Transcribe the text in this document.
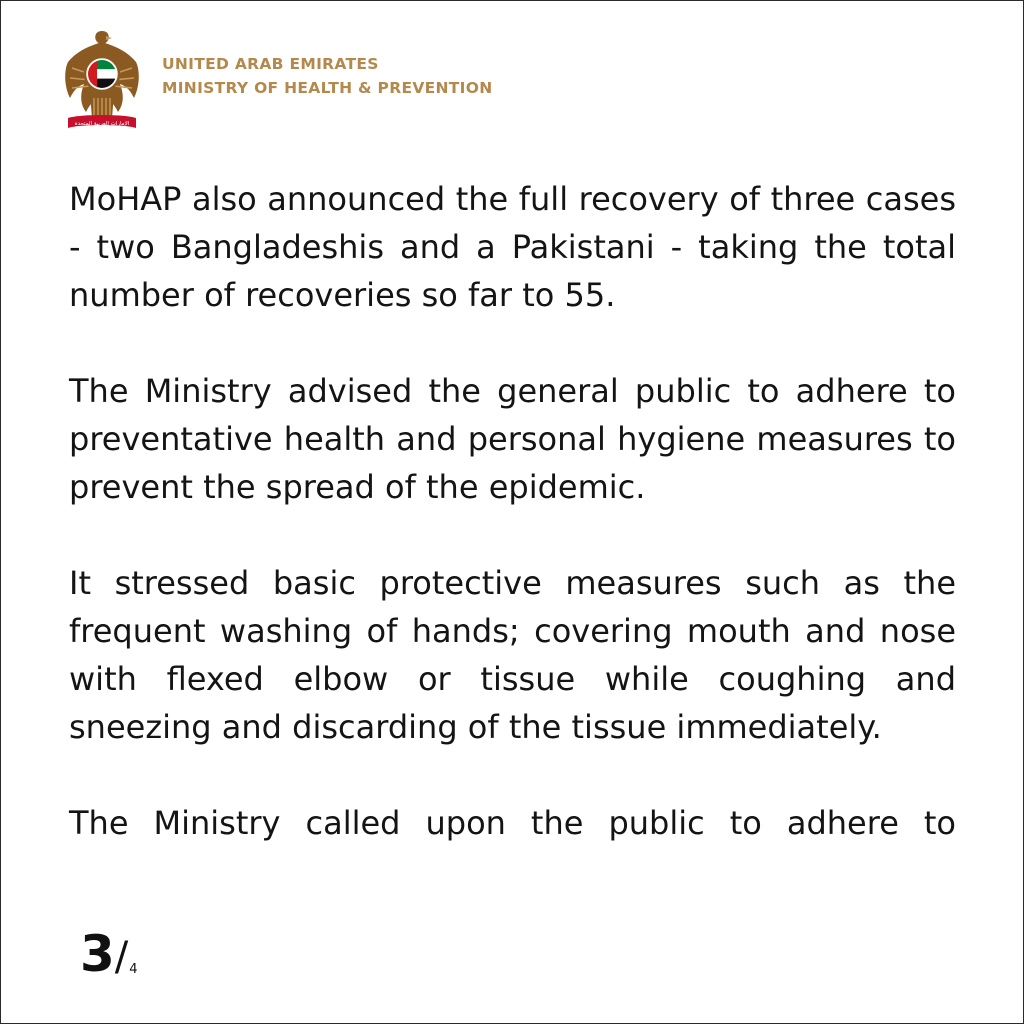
الإمارات العربية المتحدة
UNITED ARAB EMIRATES
MINISTRY OF HEALTH & PREVENTION

MoHAP also announced the full recovery of three cases - two Bangladeshis and a Pakistani - taking the total number of recoveries so far to 55.

The Ministry advised the general public to adhere to preventative health and personal hygiene measures to prevent the spread of the epidemic.

It stressed basic protective measures such as the frequent washing of hands; covering mouth and nose with flexed elbow or tissue while coughing and sneezing and discarding of the tissue immediately.

The Ministry called upon the public to adhere to

3 / 4
